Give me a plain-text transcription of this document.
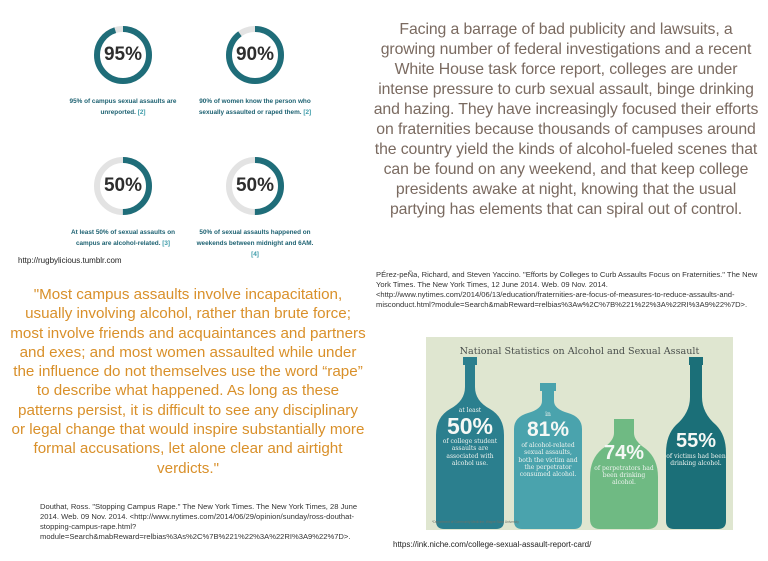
95%
95% of campus sexual assaults are unreported. [2]
90%
90% of women know the person who sexually assaulted or raped them. [2]
50%
At least 50% of sexual assaults on campus are alcohol-related. [3]
50%
50% of sexual assaults happened on weekends between midnight and 6AM. [4]
http://rugbylicious.tumblr.com
Facing a barrage of bad publicity and lawsuits, a growing number of federal investigations and a recent White House task force report, colleges are under intense pressure to curb sexual assault, binge drinking and hazing. They have increasingly focused their efforts on fraternities because thousands of campuses around the country yield the kinds of alcohol-fueled scenes that can be found on any weekend, and that keep college presidents awake at night, knowing that the usual partying has elements that can spiral out of control.
PÉrez-peÑa, Richard, and Steven Yaccino. "Efforts by Colleges to Curb Assaults Focus on Fraternities." The New York Times. The New York Times, 12 June 2014. Web. 09 Nov. 2014. <http://www.nytimes.com/2014/06/13/education/fraternities-are-focus-of-measures-to-reduce-assaults-and-misconduct.html?module=Search&mabReward=relbias%3Aw%2C%7B%221%22%3A%22RI%3A9%22%7D>.
"Most campus assaults involve incapacitation, usually involving alcohol, rather than brute force; most involve friends and acquaintances and partners and exes; and most women assaulted while under the influence do not themselves use the word “rape” to describe what happened. As long as these patterns persist, it is difficult to see any disciplinary or legal change that would inspire substantially more formal accusations, let alone clear and airtight verdicts."
Douthat, Ross. "Stopping Campus Rape." The New York Times. The New York Times, 28 June 2014. Web. 09 Nov. 2014. <http://www.nytimes.com/2014/06/29/opinion/sunday/ross-douthat-stopping-campus-rape.html?module=Search&mabReward=relbias%3As%2C%7B%221%22%3A%22RI%3A9%22%7D>.
National Statistics on Alcohol and Sexual Assault
at least
50%
of college student assaults are associated with alcohol use.
in
81%
of alcohol-related sexual assaults, both the victim and the perpetrator consumed alcohol.
74%
of perpetrators had been drinking alcohol.
55%
of victims had been drinking alcohol.
*Department of Community Medicine, Wayne State University
https://ink.niche.com/college-sexual-assault-report-card/
